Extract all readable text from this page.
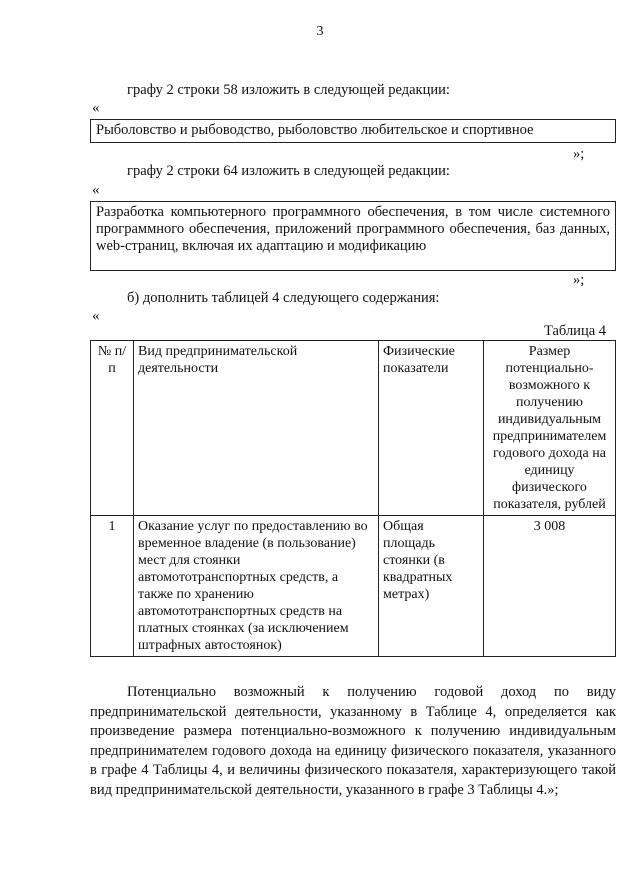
3
графу 2 строки 58 изложить в следующей редакции:
«
Рыболовство и рыбоводство, рыболовство любительское и спортивное
»;
графу 2 строки 64 изложить в следующей редакции:
«
Разработка компьютерного программного обеспечения, в том числе системного программного обеспечения, приложений программного обеспечения, баз данных, web-страниц, включая их адаптацию и модификацию
»;
б) дополнить таблицей 4 следующего содержания:
«
Таблица 4
№ п/п	Вид предпринимательской деятельности	Физические показатели	Размер потенциально-возможного к получению индивидуальным предпринимателем годового дохода на единицу физического показателя, рублей
1	Оказание услуг по предоставлению во временное владение (в пользование) мест для стоянки автомототранспортных средств, а также по хранению автомототранспортных средств на платных стоянках (за исключением штрафных автостоянок)	Общая площадь стоянки (в квадратных метрах)	3 008
Потенциально возможный к получению годовой доход по виду предпринимательской деятельности, указанному в Таблице 4, определяется как произведение размера потенциально-возможного к получению индивидуальным предпринимателем годового дохода на единицу физического показателя, указанного в графе 4 Таблицы 4, и величины физического показателя, характеризующего такой вид предпринимательской деятельности, указанного в графе 3 Таблицы 4.»;
